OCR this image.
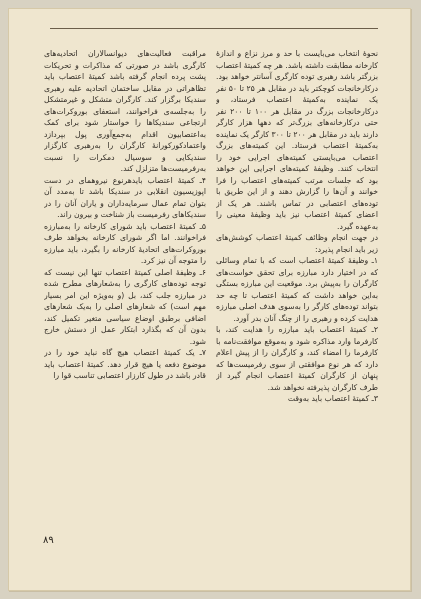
نحوهٔ انتخاب می‌بایست با حد و مرز نزاع و اندازهٔ کارخانه مطابقت داشته باشد. هر چه کمیتهٔ اعتصاب بزرگتر باشد رهبری توده کارگری آسانتر خواهد بود. درکارخانجات کوچکتر باید در مقابل هر ۲۵ تا ۵۰ نفر یک نماینده به‌کمیتهٔ اعتصاب فرستاد، و درکارخانجات بزرگ در مقابل هر ۱۰۰ تا ۲۰۰ نفر حتی درکارخانه‌های بزرگ‌تر که دهها هزار کارگر دارند باید در مقابل هر ۲۰۰ تا ۳۰۰ کارگر یک نماینده به‌کمیتهٔ اعتصاب فرستاد. این کمیته‌های بزرگ اعتصاب می‌بایستی کمیته‌های اجرایی خود را انتخاب کنند. وظیفهٔ کمیته‌های اجرایی این خواهد بود که جلسات مرتب کمیته‌های اعتصاب را فرا خوانند و آن‌ها را گزارش دهند و از این طریق با توده‌های اعتصابی در تماس باشند. هر یک از اعضای کمیتهٔ اعتصاب نیز باید وظیفهٔ معینی را به‌عهده گیرد.

در جهت انجام وظائف کمیتهٔ اعتصاب کوشش‌های زیر باید انجام پذیرد:

۱ـ وظیفهٔ کمیتهٔ اعتصاب است که با تمام وسائلی که در اختیار دارد مبارزه برای تحقق خواست‌های کارگران را به‌پیش برد. موقعیت این مبارزه بستگی به‌این خواهد داشت که کمیتهٔ اعتصاب تا چه حد بتواند توده‌های کارگر را به‌سوی هدف اصلی مبارزه هدایت کرده و رهبری را از چنگ آنان بدر آورد.

۲ـ کمیتهٔ اعتصاب باید مبارزه را هدایت کند، با کارفرما وارد مذاکره شود و به‌موقع موافقت‌نامه با کارفرما را امضاء کند، و کارگران را از پیش اعلام دارد که هر نوع موافقتی از سوی رفرمیست‌ها که پنهان از کارگران کمیتهٔ اعتصاب انجام گیرد از طرف کارگران پذیرفته نخواهد شد.

۳ـ کمیتهٔ اعتصاب باید به‌وقت

مراقبت فعالیت‌های دیوانسالاران اتحادیه‌های کارگری باشد در صورتی که مذاکرات و تحریکات پشت پرده انجام گرفته باشد کمیتهٔ اعتصاب باید تظاهراتی در مقابل ساختمان اتحادیه علیه رهبری سندیکا برگزار کند. کارگران متشکل و غیرمتشکل را به‌جلسه‌ی فراخوانند، استعفای بوروکرات‌های ارتجاعی سندیکاها را خواستار شود برای کمک به‌اعتصابیون اقدام به‌جمع‌آوری پول بپردازد واعتمادکورکورانهٔ کارگران را به‌رهبری کارگزار سندیکایی و سوسیال دمکرات را نسبت به‌رفرمیست‌ها متزلزل کند.

۴ـ کمیتهٔ اعتصاب بایدهرنوع نیروهمای در دست اپوزیسیون انقلابی در سندیکا باشد تا به‌مدد آن بتوان تمام عمال سرمایه‌داران و یاران آنان را در سندیکاهای رفرمیست باز شناخت و بیرون راند.

۵ـ کمیتهٔ اعتصاب باید شورای کارخانه را به‌مبارزه فراخوانند. اما اگر شورای کارخانه بخواهد طرف بوروکرات‌های اتحادیهٔ کارخانه را بگیرد، باید مبارزه را متوجه آن نیز کرد.

۶ـ وظیفهٔ اصلی کمیتهٔ اعتصاب تنها این نیست که توجه توده‌های کارگری را به‌شعارهای مطرح شده در مبارزه جلب کند، بل (و به‌ویژه این امر بسیار مهم است) که شعارهای اصلی را به‌یک شعارهای اضافی برطبق اوضاع سیاسی متغیر تکمیل کند، بدون آن که بگذارد ابتکار عمل از دستش خارج شود.

۷ـ یک کمیتهٔ اعتصاب هیچ گاه نباید خود را در موضوع دفعه یا هیچ قرار دهد. کمیتهٔ اعتصاب باید قادر باشد در طول کارزار اعتصابی تناسب قوا را

۸۹
